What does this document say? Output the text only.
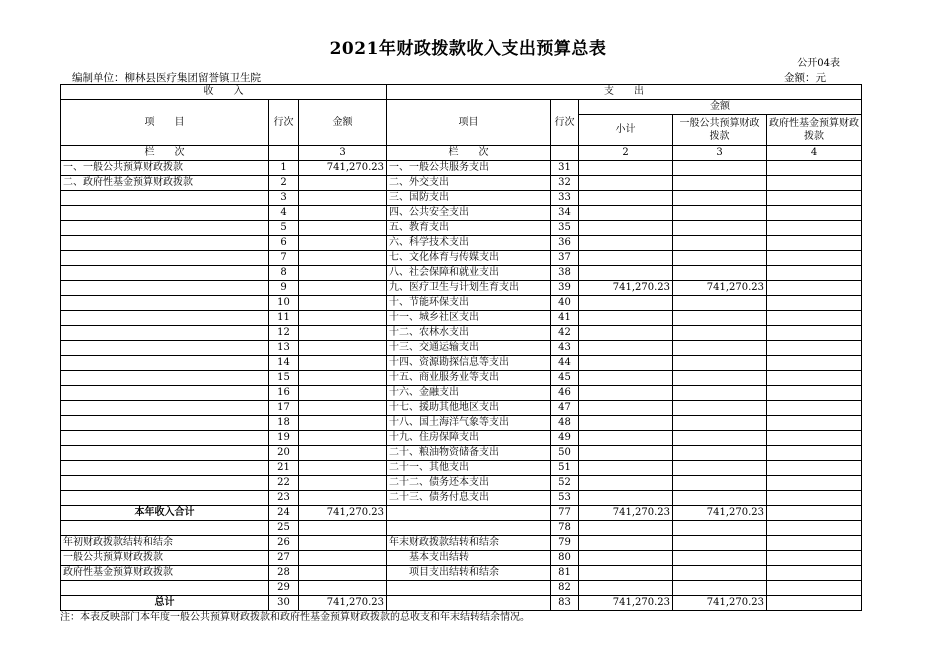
2021年财政拨款收入支出预算总表
公开04表
编制单位：柳林县医疗集团留誉镇卫生院	金额：元
收　　入			支　　出				
项　　目	行次	金额	项目	行次	金额		
					小计	一般公共预算财政拨款	政府性基金预算财政拨款
栏　　次		3	栏　　次		2	3	4
一、一般公共预算财政拨款	1	741,270.23	一、一般公共服务支出	31			
二、政府性基金预算财政拨款	2		二、外交支出	32			
	3		三、国防支出	33			
	4		四、公共安全支出	34			
	5		五、教育支出	35			
	6		六、科学技术支出	36			
	7		七、文化体育与传媒支出	37			
	8		八、社会保障和就业支出	38			
	9		九、医疗卫生与计划生育支出	39	741,270.23	741,270.23	
	10		十、节能环保支出	40			
	11		十一、城乡社区支出	41			
	12		十二、农林水支出	42			
	13		十三、交通运输支出	43			
	14		十四、资源勘探信息等支出	44			
	15		十五、商业服务业等支出	45			
	16		十六、金融支出	46			
	17		十七、援助其他地区支出	47			
	18		十八、国土海洋气象等支出	48			
	19		十九、住房保障支出	49			
	20		二十、粮油物资储备支出	50			
	21		二十一、其他支出	51			
	22		二十二、债务还本支出	52			
	23		二十三、债务付息支出	53			
本年收入合计	24	741,270.23		77	741,270.23	741,270.23	
	25			78			
年初财政拨款结转和结余	26		年末财政拨款结转和结余	79			
一般公共预算财政拨款	27		基本支出结转	80			
政府性基金预算财政拨款	28		项目支出结转和结余	81			
	29			82			
总计	30	741,270.23		83	741,270.23	741,270.23	
注：本表反映部门本年度一般公共预算财政拨款和政府性基金预算财政拨款的总收支和年末结转结余情况。
